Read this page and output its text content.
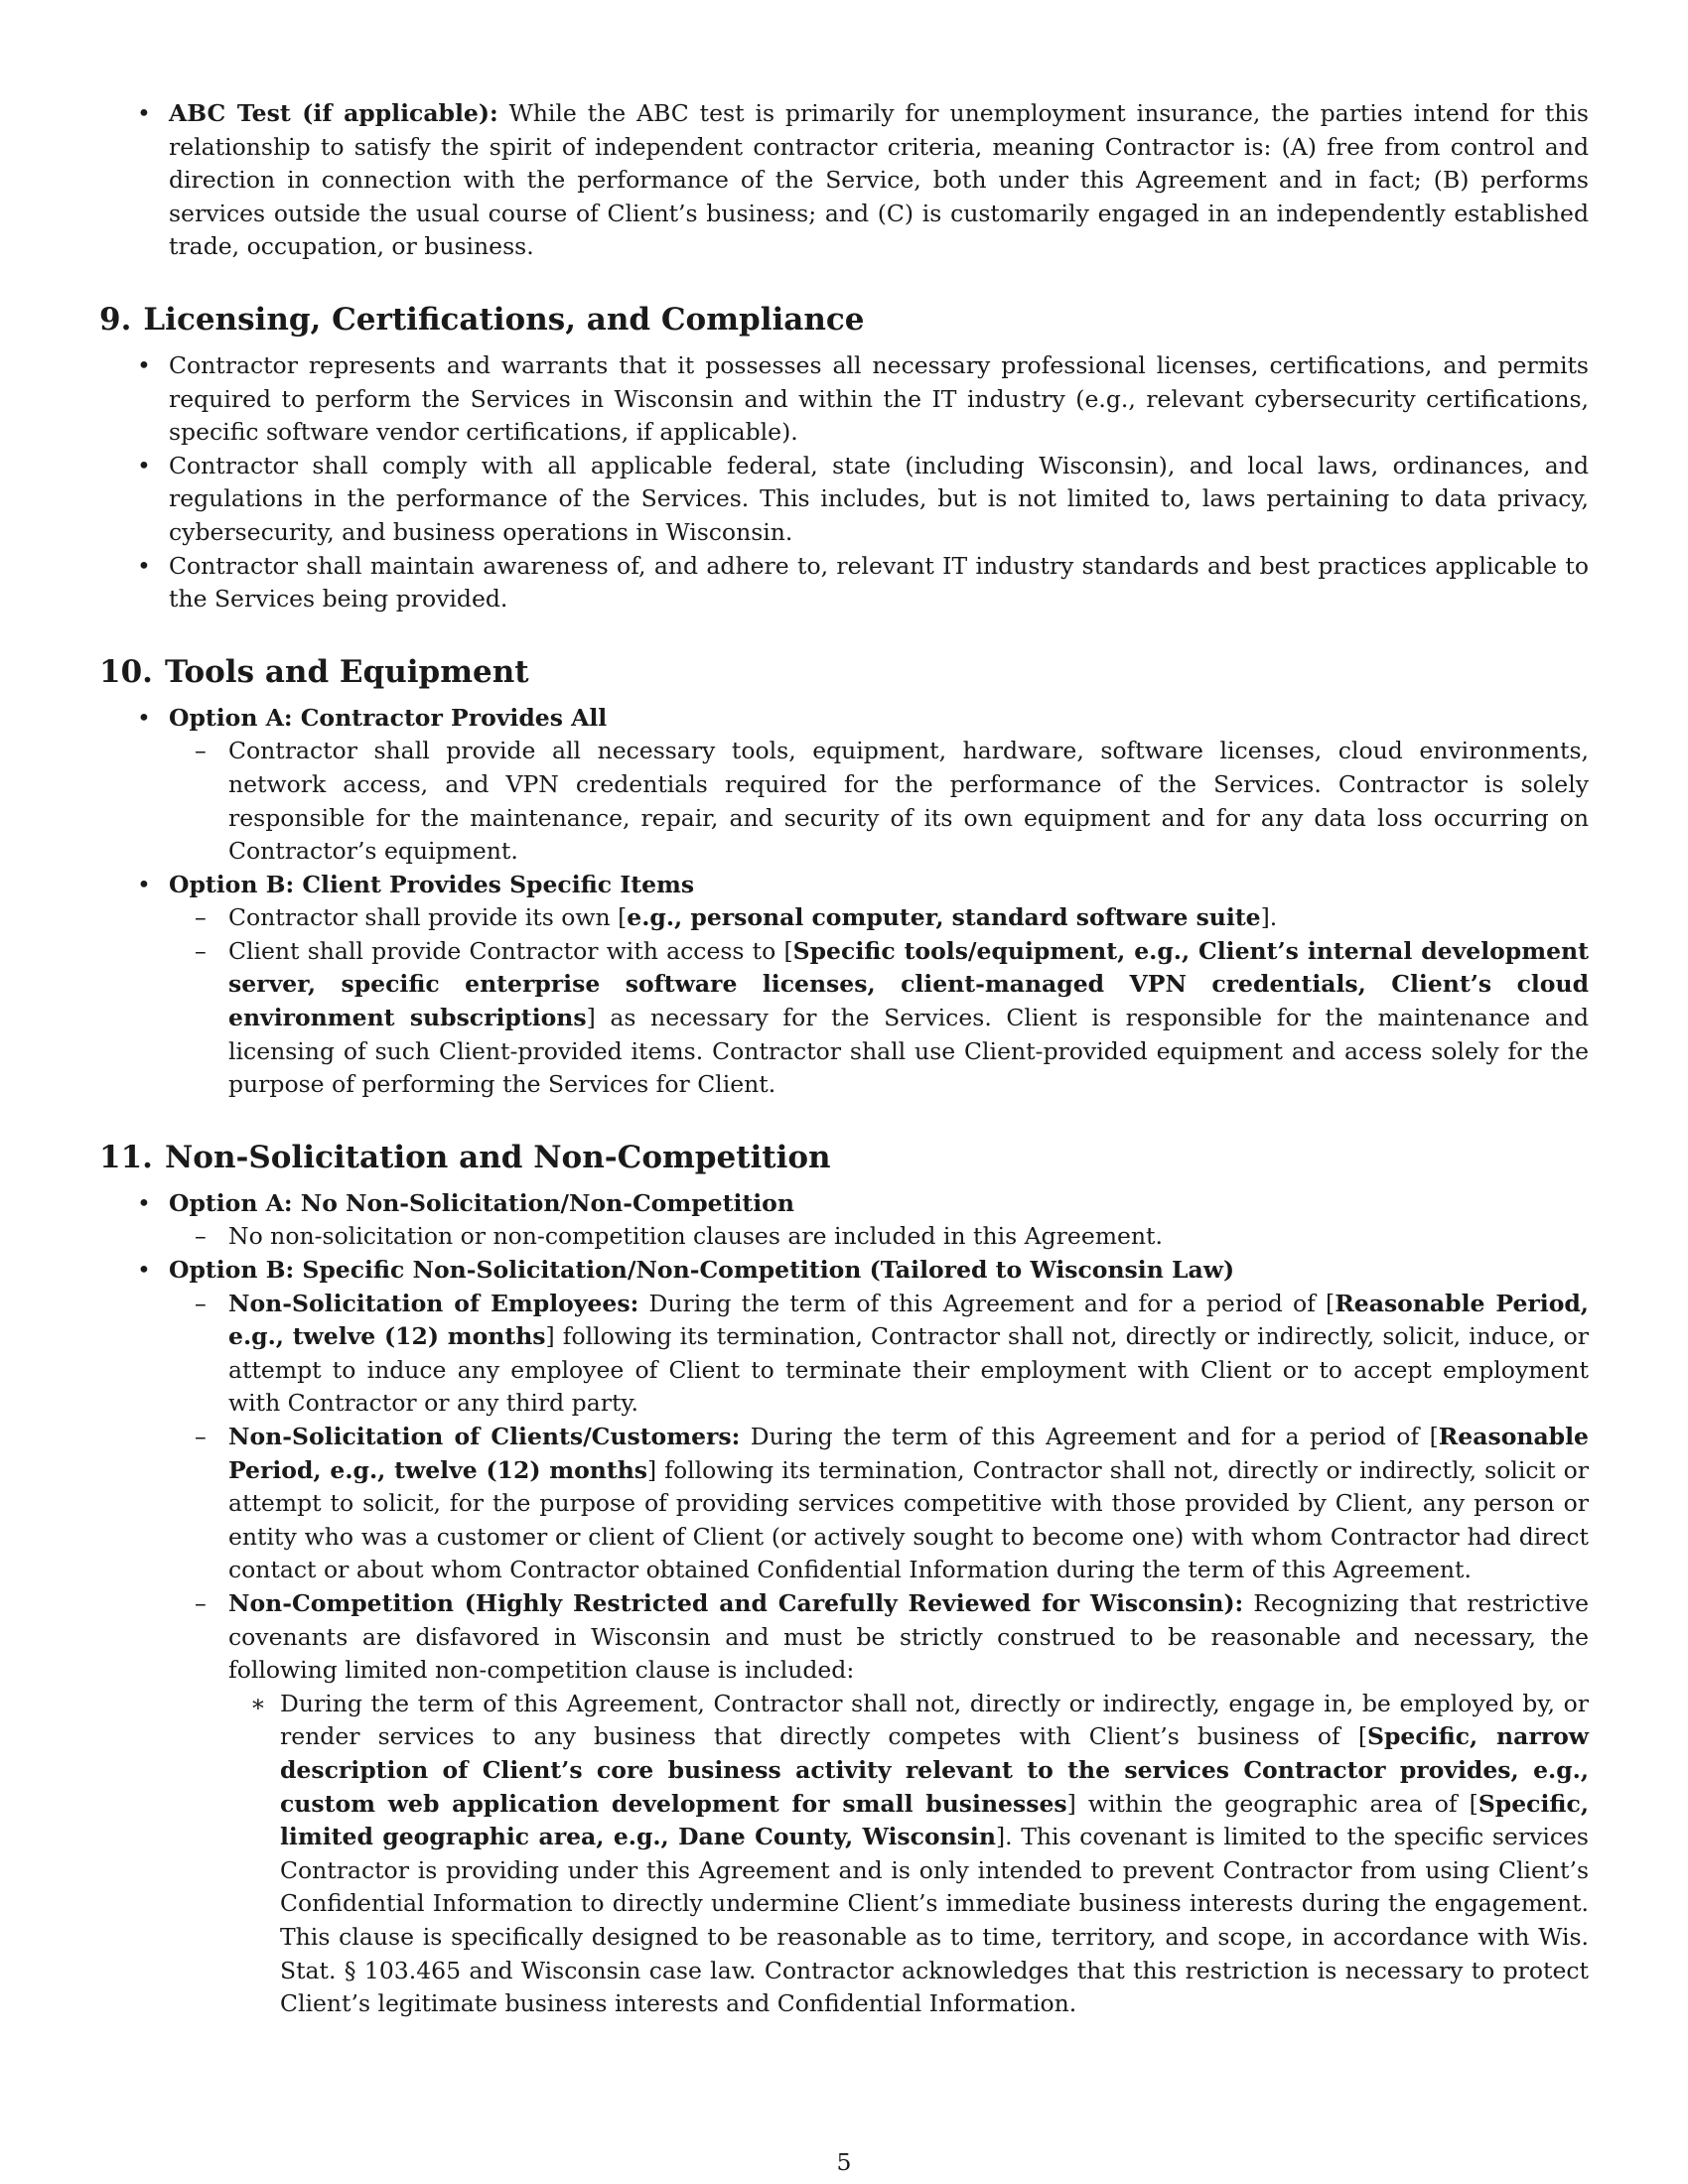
• ABC Test (if applicable): While the ABC test is primarily for unemployment insurance, the parties intend for this relationship to satisfy the spirit of independent contractor criteria, meaning Contractor is: (A) free from control and direction in connection with the performance of the Service, both under this Agreement and in fact; (B) performs services outside the usual course of Client’s business; and (C) is customarily engaged in an independently established trade, occupation, or business.

9. Licensing, Certifications, and Compliance
• Contractor represents and warrants that it possesses all necessary professional licenses, certifications, and permits required to perform the Services in Wisconsin and within the IT industry (e.g., relevant cybersecurity certifications, specific software vendor certifications, if applicable).

• Contractor shall comply with all applicable federal, state (including Wisconsin), and local laws, ordinances, and regulations in the performance of the Services. This includes, but is not limited to, laws pertaining to data privacy, cybersecurity, and business operations in Wisconsin.

• Contractor shall maintain awareness of, and adhere to, relevant IT industry standards and best practices applicable to the Services being provided.

10. Tools and Equipment
• Option A: Contractor Provides All

– Contractor shall provide all necessary tools, equipment, hardware, software licenses, cloud environments, network access, and VPN credentials required for the performance of the Services. Contractor is solely responsible for the maintenance, repair, and security of its own equipment and for any data loss occurring on Contractor’s equipment.

• Option B: Client Provides Specific Items

– Contractor shall provide its own [e.g., personal computer, standard software suite].

– Client shall provide Contractor with access to [Specific tools/equipment, e.g., Client’s internal development server, specific enterprise software licenses, client-managed VPN credentials, Client’s cloud environment subscriptions] as necessary for the Services. Client is responsible for the maintenance and licensing of such Client-provided items. Contractor shall use Client-provided equipment and access solely for the purpose of performing the Services for Client.

11. Non-Solicitation and Non-Competition
• Option A: No Non-Solicitation/Non-Competition

– No non-solicitation or non-competition clauses are included in this Agreement.

• Option B: Specific Non-Solicitation/Non-Competition (Tailored to Wisconsin Law)

– Non-Solicitation of Employees: During the term of this Agreement and for a period of [Reasonable Period, e.g., twelve (12) months] following its termination, Contractor shall not, directly or indirectly, solicit, induce, or attempt to induce any employee of Client to terminate their employment with Client or to accept employment with Contractor or any third party.

– Non-Solicitation of Clients/Customers: During the term of this Agreement and for a period of [Reasonable Period, e.g., twelve (12) months] following its termination, Contractor shall not, directly or indirectly, solicit or attempt to solicit, for the purpose of providing services competitive with those provided by Client, any person or entity who was a customer or client of Client (or actively sought to become one) with whom Contractor had direct contact or about whom Contractor obtained Confidential Information during the term of this Agreement.

– Non-Competition (Highly Restricted and Carefully Reviewed for Wisconsin): Recognizing that restrictive covenants are disfavored in Wisconsin and must be strictly construed to be reasonable and necessary, the following limited non-competition clause is included:

∗ During the term of this Agreement, Contractor shall not, directly or indirectly, engage in, be employed by, or render services to any business that directly competes with Client’s business of [Specific, narrow description of Client’s core business activity relevant to the services Contractor provides, e.g., custom web application development for small businesses] within the geographic area of [Specific, limited geographic area, e.g., Dane County, Wisconsin]. This covenant is limited to the specific services Contractor is providing under this Agreement and is only intended to prevent Contractor from using Client’s Confidential Information to directly undermine Client’s immediate business interests during the engagement. This clause is specifically designed to be reasonable as to time, territory, and scope, in accordance with Wis. Stat. § 103.465 and Wisconsin case law. Contractor acknowledges that this restriction is necessary to protect Client’s legitimate business interests and Confidential Information.

5
